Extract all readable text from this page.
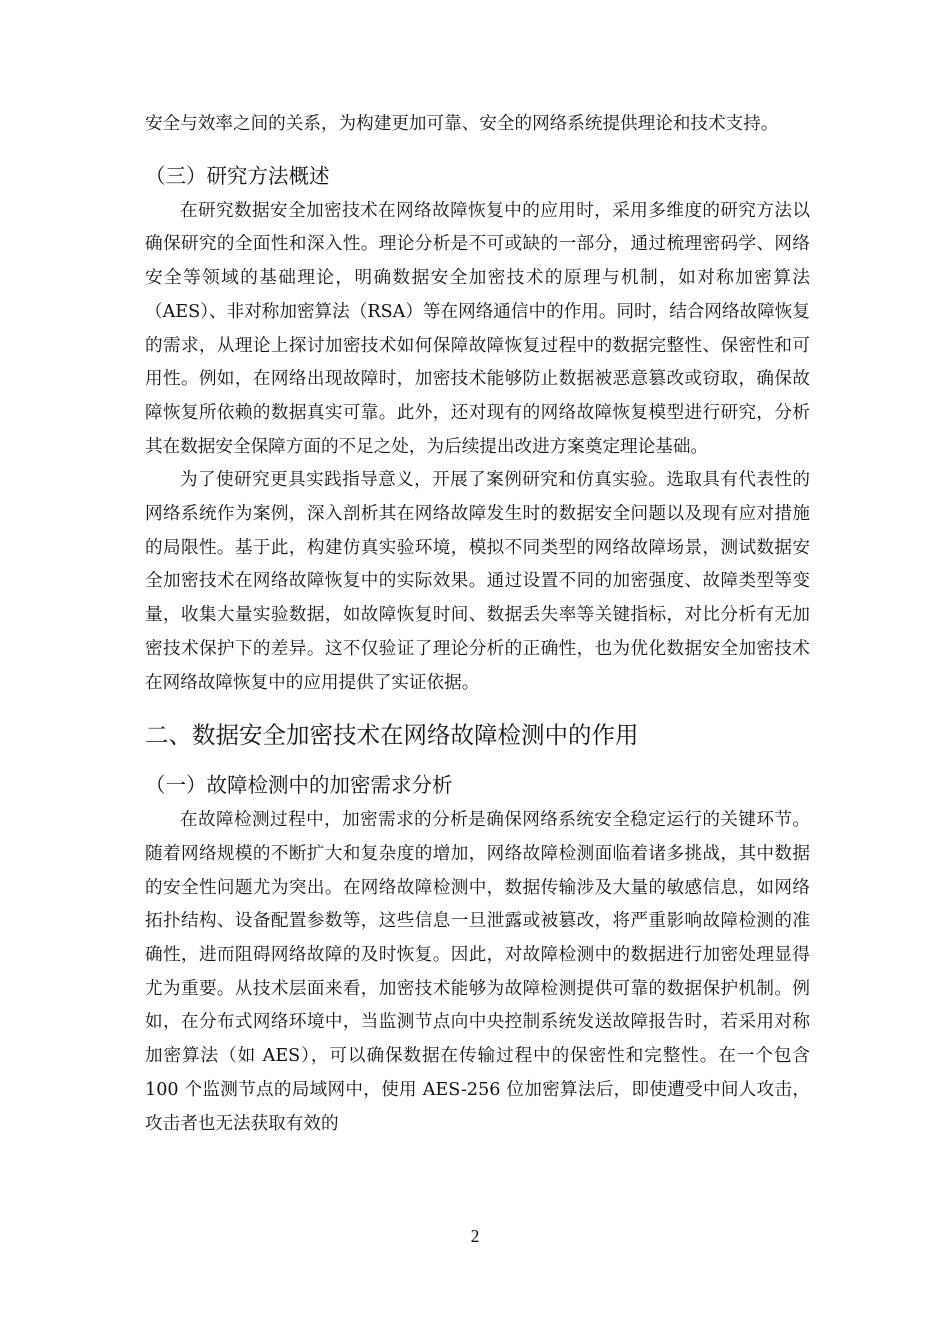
安全与效率之间的关系，为构建更加可靠、安全的网络系统提供理论和技术支持。

（三）研究方法概述

在研究数据安全加密技术在网络故障恢复中的应用时，采用多维度的研究方法以确保研究的全面性和深入性。理论分析是不可或缺的一部分，通过梳理密码学、网络安全等领域的基础理论，明确数据安全加密技术的原理与机制，如对称加密算法（AES）、非对称加密算法（RSA）等在网络通信中的作用。同时，结合网络故障恢复的需求，从理论上探讨加密技术如何保障故障恢复过程中的数据完整性、保密性和可用性。例如，在网络出现故障时，加密技术能够防止数据被恶意篡改或窃取，确保故障恢复所依赖的数据真实可靠。此外，还对现有的网络故障恢复模型进行研究，分析其在数据安全保障方面的不足之处，为后续提出改进方案奠定理论基础。

为了使研究更具实践指导意义，开展了案例研究和仿真实验。选取具有代表性的网络系统作为案例，深入剖析其在网络故障发生时的数据安全问题以及现有应对措施的局限性。基于此，构建仿真实验环境，模拟不同类型的网络故障场景，测试数据安全加密技术在网络故障恢复中的实际效果。通过设置不同的加密强度、故障类型等变量，收集大量实验数据，如故障恢复时间、数据丢失率等关键指标，对比分析有无加密技术保护下的差异。这不仅验证了理论分析的正确性，也为优化数据安全加密技术在网络故障恢复中的应用提供了实证依据。

二、数据安全加密技术在网络故障检测中的作用
（一）故障检测中的加密需求分析

在故障检测过程中，加密需求的分析是确保网络系统安全稳定运行的关键环节。随着网络规模的不断扩大和复杂度的增加，网络故障检测面临着诸多挑战，其中数据的安全性问题尤为突出。在网络故障检测中，数据传输涉及大量的敏感信息，如网络拓扑结构、设备配置参数等，这些信息一旦泄露或被篡改，将严重影响故障检测的准确性，进而阻碍网络故障的及时恢复。因此，对故障检测中的数据进行加密处理显得尤为重要。从技术层面来看，加密技术能够为故障检测提供可靠的数据保护机制。例如，在分布式网络环境中，当监测节点向中央控制系统发送故障报告时，若采用对称加密算法（如 AES），可以确保数据在传输过程中的保密性和完整性。在一个包含 100 个监测节点的局域网中，使用 AES-256 位加密算法后，即使遭受中间人攻击，攻击者也无法获取有效的

2
